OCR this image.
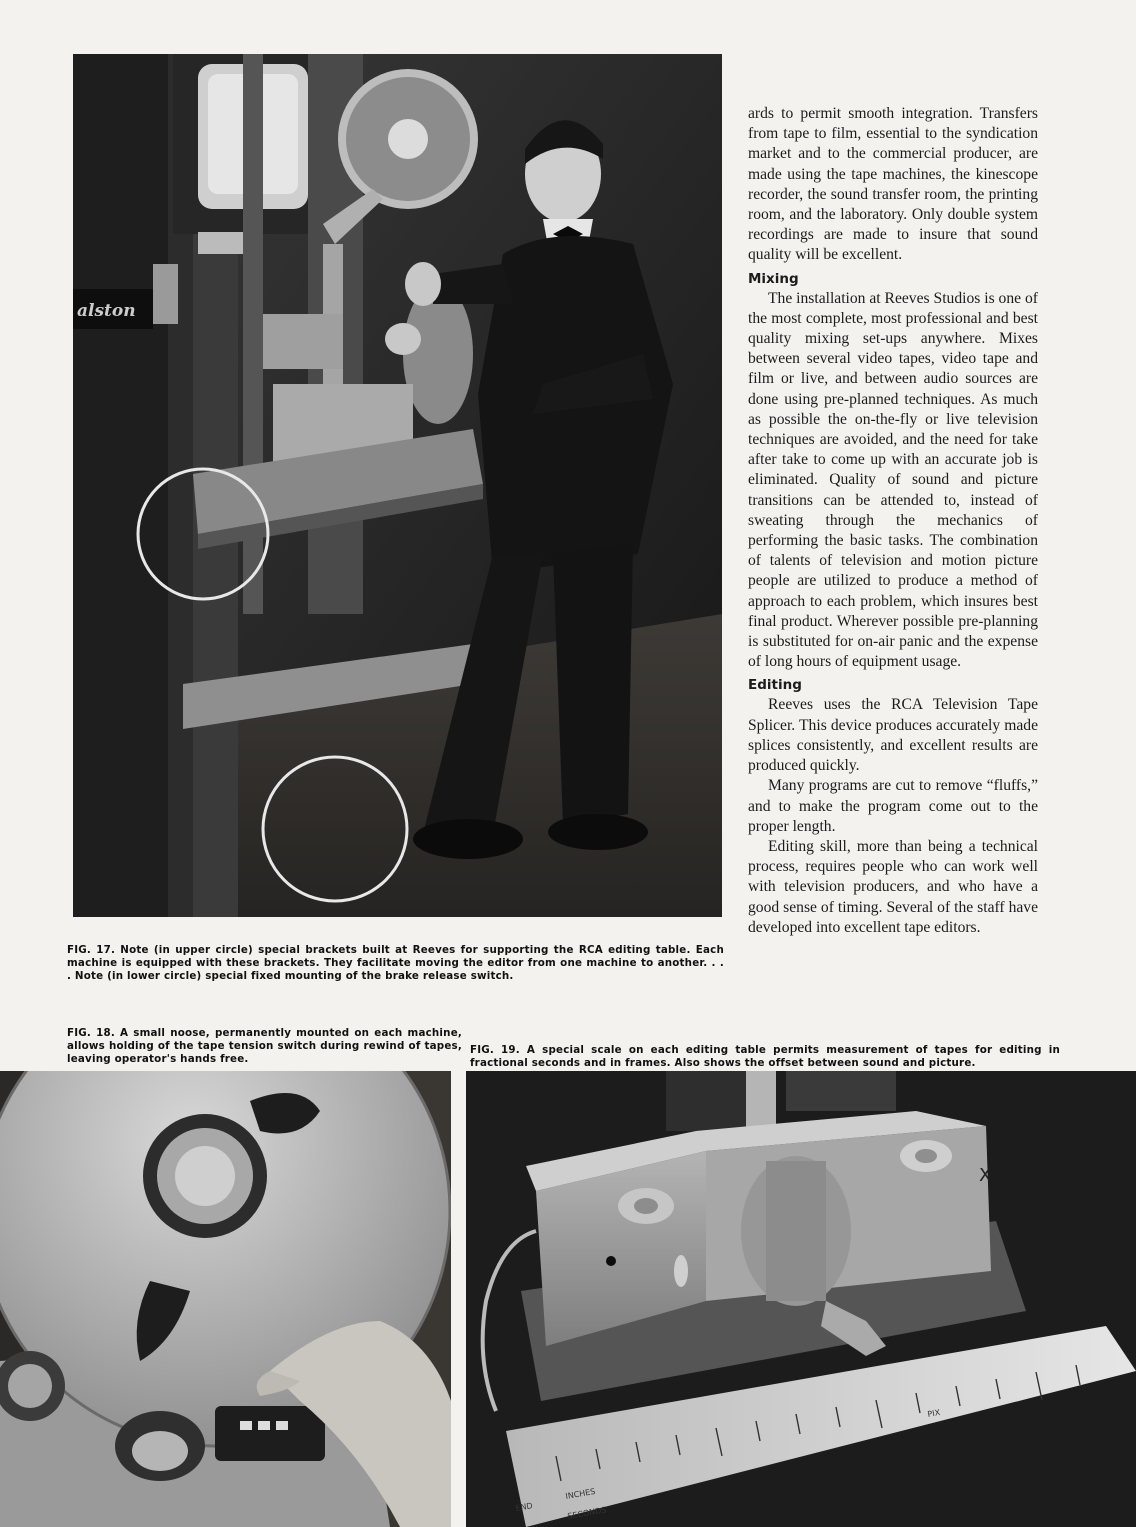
alston

FIG. 17. Note (in upper circle) special brackets built at Reeves for supporting the RCA editing table. Each machine is equipped with these brackets. They facilitate moving the editor from one machine to another. . . . Note (in lower circle) special fixed mounting of the brake release switch.

ards to permit smooth integration. Transfers from tape to film, essential to the syndication market and to the commercial producer, are made using the tape machines, the kinescope recorder, the sound transfer room, the printing room, and the laboratory. Only double system recordings are made to insure that sound quality will be excellent.

Mixing

The installation at Reeves Studios is one of the most complete, most professional and best quality mixing set-ups anywhere. Mixes between several video tapes, video tape and film or live, and between audio sources are done using pre-planned techniques. As much as possible the on-the-fly or live television techniques are avoided, and the need for take after take to come up with an accurate job is eliminated. Quality of sound and picture transitions can be attended to, instead of sweating through the mechanics of performing the basic tasks. The combination of talents of television and motion picture people are utilized to produce a method of approach to each problem, which insures best final product. Wherever possible pre-planning is substituted for on-air panic and the expense of long hours of equipment usage.

Editing

Reeves uses the RCA Television Tape Splicer. This device produces accurately made splices consistently, and excellent results are produced quickly.

Many programs are cut to remove “fluffs,” and to make the program come out to the proper length.

Editing skill, more than being a technical process, requires people who can work well with television producers, and who have a good sense of timing. Several of the staff have developed into excellent tape editors.

FIG. 18. A small noose, permanently mounted on each machine, allows holding of the tape tension switch during rewind of tapes, leaving operator's hands free.

FIG. 19. A special scale on each editing table permits measurement of tapes for editing in fractional seconds and in frames. Also shows the offset between sound and picture.

X
END
INCHES
SECONDS
PIX
